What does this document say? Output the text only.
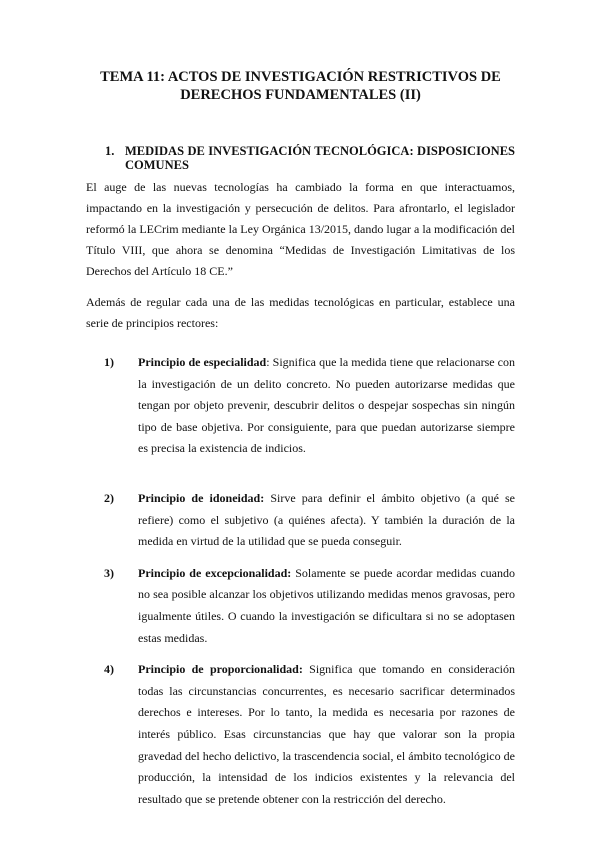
TEMA 11: ACTOS DE INVESTIGACIÓN RESTRICTIVOS DE
DERECHOS FUNDAMENTALES (II)
1. MEDIDAS DE INVESTIGACIÓN TECNOLÓGICA: DISPOSICIONES COMUNES

El auge de las nuevas tecnologías ha cambiado la forma en que interactuamos, impactando en la investigación y persecución de delitos. Para afrontarlo, el legislador reformó la LECrim mediante la Ley Orgánica 13/2015, dando lugar a la modificación del Título VIII, que ahora se denomina “Medidas de Investigación Limitativas de los Derechos del Artículo 18 CE.”

Además de regular cada una de las medidas tecnológicas en particular, establece una serie de principios rectores:

1)	Principio de especialidad: Significa que la medida tiene que relacionarse con la investigación de un delito concreto. No pueden autorizarse medidas que tengan por objeto prevenir, descubrir delitos o despejar sospechas sin ningún tipo de base objetiva. Por consiguiente, para que puedan autorizarse siempre es precisa la existencia de indicios.
2)	Principio de idoneidad: Sirve para definir el ámbito objetivo (a qué se refiere) como el subjetivo (a quiénes afecta). Y también la duración de la medida en virtud de la utilidad que se pueda conseguir.
3)	Principio de excepcionalidad: Solamente se puede acordar medidas cuando no sea posible alcanzar los objetivos utilizando medidas menos gravosas, pero igualmente útiles. O cuando la investigación se dificultara si no se adoptasen estas medidas.
4)	Principio de proporcionalidad: Significa que tomando en consideración todas las circunstancias concurrentes, es necesario sacrificar determinados derechos e intereses. Por lo tanto, la medida es necesaria por razones de interés público. Esas circunstancias que hay que valorar son la propia gravedad del hecho delictivo, la trascendencia social, el ámbito tecnológico de producción, la intensidad de los indicios existentes y la relevancia del resultado que se pretende obtener con la restricción del derecho.
